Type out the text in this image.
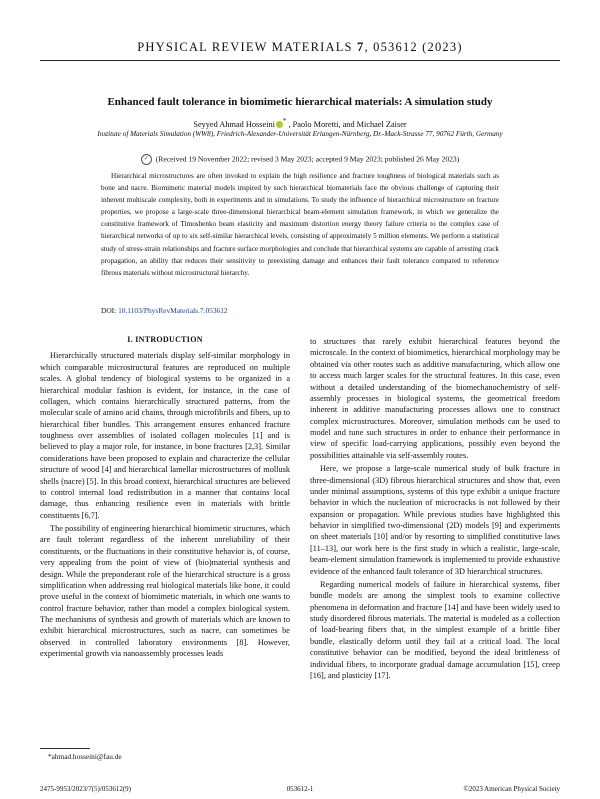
PHYSICAL REVIEW MATERIALS 7, 053612 (2023)
Enhanced fault tolerance in biomimetic hierarchical materials: A simulation study
Seyyed Ahmad Hosseini * , Paolo Moretti, and Michael Zaiser
Institute of Materials Simulation (WW8), Friedrich-Alexander-Universität Erlangen-Nürnberg, Dr.-Mack-Strasse 77, 90762 Fürth, Germany
✓ (Received 19 November 2022; revised 3 May 2023; accepted 9 May 2023; published 26 May 2023)
Hierarchical microstructures are often invoked to explain the high resilience and fracture toughness of biological materials such as bone and nacre. Biomimetic material models inspired by such hierarchical biomaterials face the obvious challenge of capturing their inherent multiscale complexity, both in experiments and in simulations. To study the influence of hierarchical microstructure on fracture properties, we propose a large-scale three-dimensional hierarchical beam-element simulation framework, in which we generalize the constitutive framework of Timoshenko beam elasticity and maximum distortion energy theory failure criteria to the complex case of hierarchical networks of up to six self-similar hierarchical levels, consisting of approximately 5 million elements. We perform a statistical study of stress-strain relationships and fracture surface morphologies and conclude that hierarchical systems are capable of arresting crack propagation, an ability that reduces their sensitivity to preexisting damage and enhances their fault tolerance compared to reference fibrous materials without microstructural hierarchy.
DOI: 10.1103/PhysRevMaterials.7.053612

I. INTRODUCTION

Hierarchically structured materials display self-similar morphology in which comparable microstructural features are reproduced on multiple scales. A global tendency of biological systems to be organized in a hierarchical modular fashion is evident, for instance, in the case of collagen, which contains hierarchically structured patterns, from the molecular scale of amino acid chains, through microfibrils and fibers, up to hierarchical fiber bundles. This arrangement ensures enhanced fracture toughness over assemblies of isolated collagen molecules [1] and is believed to play a major role, for instance, in bone fractures [2,3]. Similar considerations have been proposed to explain and characterize the cellular structure of wood [4] and hierarchical lamellar microstructures of mollusk shells (nacre) [5]. In this broad context, hierarchical structures are believed to control internal load redistribution in a manner that contains local damage, thus enhancing resilience even in materials with brittle constituents [6,7].

The possibility of engineering hierarchical biomimetic structures, which are fault tolerant regardless of the inherent unreliability of their constituents, or the fluctuations in their constitutive behavior is, of course, very appealing from the point of view of (bio)material synthesis and design. While the preponderant role of the hierarchical structure is a gross simplification when addressing real biological materials like bone, it could prove useful in the context of biomimetic materials, in which one wants to control fracture behavior, rather than model a complex biological system. The mechanisms of synthesis and growth of materials which are known to exhibit hierarchical microstructures, such as nacre, can sometimes be observed in controlled laboratory environments [8]. However, experimental growth via nanoassembly processes leads

to structures that rarely exhibit hierarchical features beyond the microscale. In the context of biomimetics, hierarchical morphology may be obtained via other routes such as additive manufacturing, which allow one to access much larger scales for the structural features. In this case, even without a detailed understanding of the biomechanochemistry of self-assembly processes in biological systems, the geometrical freedom inherent in additive manufacturing processes allows one to construct complex microstructures. Moreover, simulation methods can be used to model and tune such structures in order to enhance their performance in view of specific load-carrying applications, possibly even beyond the possibilities attainable via self-assembly routes.

Here, we propose a large-scale numerical study of bulk fracture in three-dimensional (3D) fibrous hierarchical structures and show that, even under minimal assumptions, systems of this type exhibit a unique fracture behavior in which the nucleation of microcracks is not followed by their expansion or propagation. While previous studies have highlighted this behavior in simplified two-dimensional (2D) models [9] and experiments on sheet materials [10] and/or by resorting to simplified constitutive laws [11–13], our work here is the first study in which a realistic, large-scale, beam-element simulation framework is implemented to provide exhaustive evidence of the enhanced fault tolerance of 3D hierarchical structures.

Regarding numerical models of failure in hierarchical systems, fiber bundle models are among the simplest tools to examine collective phenomena in deformation and fracture [14] and have been widely used to study disordered fibrous materials. The material is modeled as a collection of load-bearing fibers that, in the simplest example of a brittle fiber bundle, elastically deform until they fail at a critical load. The local constitutive behavior can be modified, beyond the ideal brittleness of individual fibers, to incorporate gradual damage accumulation [15], creep [16], and plasticity [17].

*ahmad.hosseini@fau.de
2475-9953/2023/7(5)/053612(9)	053612-1	©2023 American Physical Society
